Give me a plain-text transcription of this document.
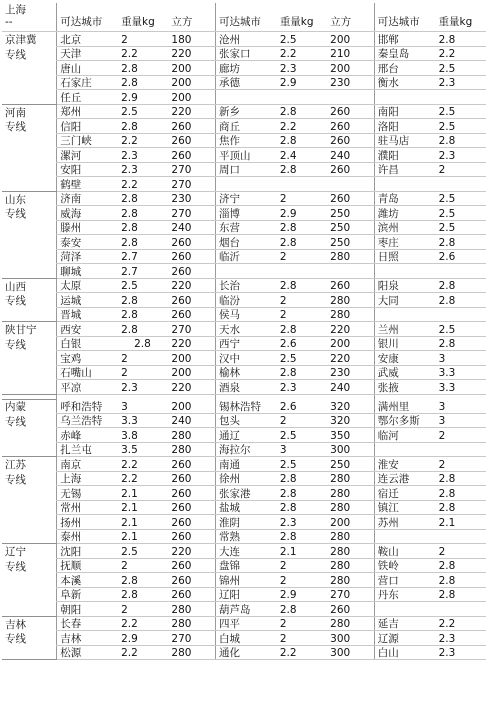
上海
--	可达城市	重量kg	立方	可达城市	重量kg	立方	可达城市	重量kg
京津冀	北京	2	180	沧州	2.5	200	邯郸	2.8
专线	天津	2.2	220	张家口	2.2	210	秦皇岛	2.2
	唐山	2.8	200	廊坊	2.3	200	邢台	2.5
	石家庄	2.8	200	承德	2.9	230	衡水	2.3
	任丘	2.9	200					
河南	郑州	2.5	220	新乡	2.8	260	南阳	2.5
专线	信阳	2.8	260	商丘	2.2	260	洛阳	2.5
	三门峡	2.2	260	焦作	2.8	260	驻马店	2.8
	漯河	2.3	260	平顶山	2.4	240	濮阳	2.3
	安阳	2.3	270	周口	2.8	260	许昌	2
	鹤壁	2.2	270					
山东	济南	2.8	230	济宁	2	260	青岛	2.5
专线	威海	2.8	270	淄博	2.9	250	潍坊	2.5
	滕州	2.8	240	东营	2.8	250	滨州	2.5
	泰安	2.8	260	烟台	2.8	250	枣庄	2.8
	菏泽	2.7	260	临沂	2	280	日照	2.6
	聊城	2.7	260					
山西	太原	2.5	220	长治	2.8	260	阳泉	2.8
专线	运城	2.8	260	临汾	2	280	大同	2.8
	晋城	2.8	260	侯马	2	280		
陕甘宁	西安	2.8	270	天水	2.8	220	兰州	2.5
专线	白银	2.8	220	西宁	2.6	200	银川	2.8
	宝鸡	2	200	汉中	2.5	220	安康	3
	石嘴山	2	200	榆林	2.8	230	武威	3.3
	平凉	2.3	220	酒泉	2.3	240	张掖	3.3

内蒙	呼和浩特	3	200	锡林浩特	2.6	320	满州里	3
专线	乌兰浩特	3.3	240	包头	2	320	鄂尔多斯	3
	赤峰	3.8	280	通辽	2.5	350	临河	2
	扎兰屯	3.5	280	海拉尔	3	300		
江苏	南京	2.2	260	南通	2.5	250	淮安	2
专线	上海	2.2	260	徐州	2.8	280	连云港	2.8
	无锡	2.1	260	张家港	2.8	280	宿迁	2.8
	常州	2.1	260	盐城	2.8	280	镇江	2.8
	扬州	2.1	260	淮阴	2.3	200	苏州	2.1
	泰州	2.1	260	常熟	2.8	280		
辽宁	沈阳	2.5	220	大连	2.1	280	鞍山	2
专线	抚顺	2	260	盘锦	2	280	铁岭	2.8
	本溪	2.8	260	锦州	2	280	营口	2.8
	阜新	2.8	260	辽阳	2.9	270	丹东	2.8
	朝阳	2	280	葫芦岛	2.8	260		
吉林	长春	2.2	280	四平	2	280	延吉	2.2
专线	吉林	2.9	270	白城	2	300	辽源	2.3
	松源	2.2	280	通化	2.2	300	白山	2.3
